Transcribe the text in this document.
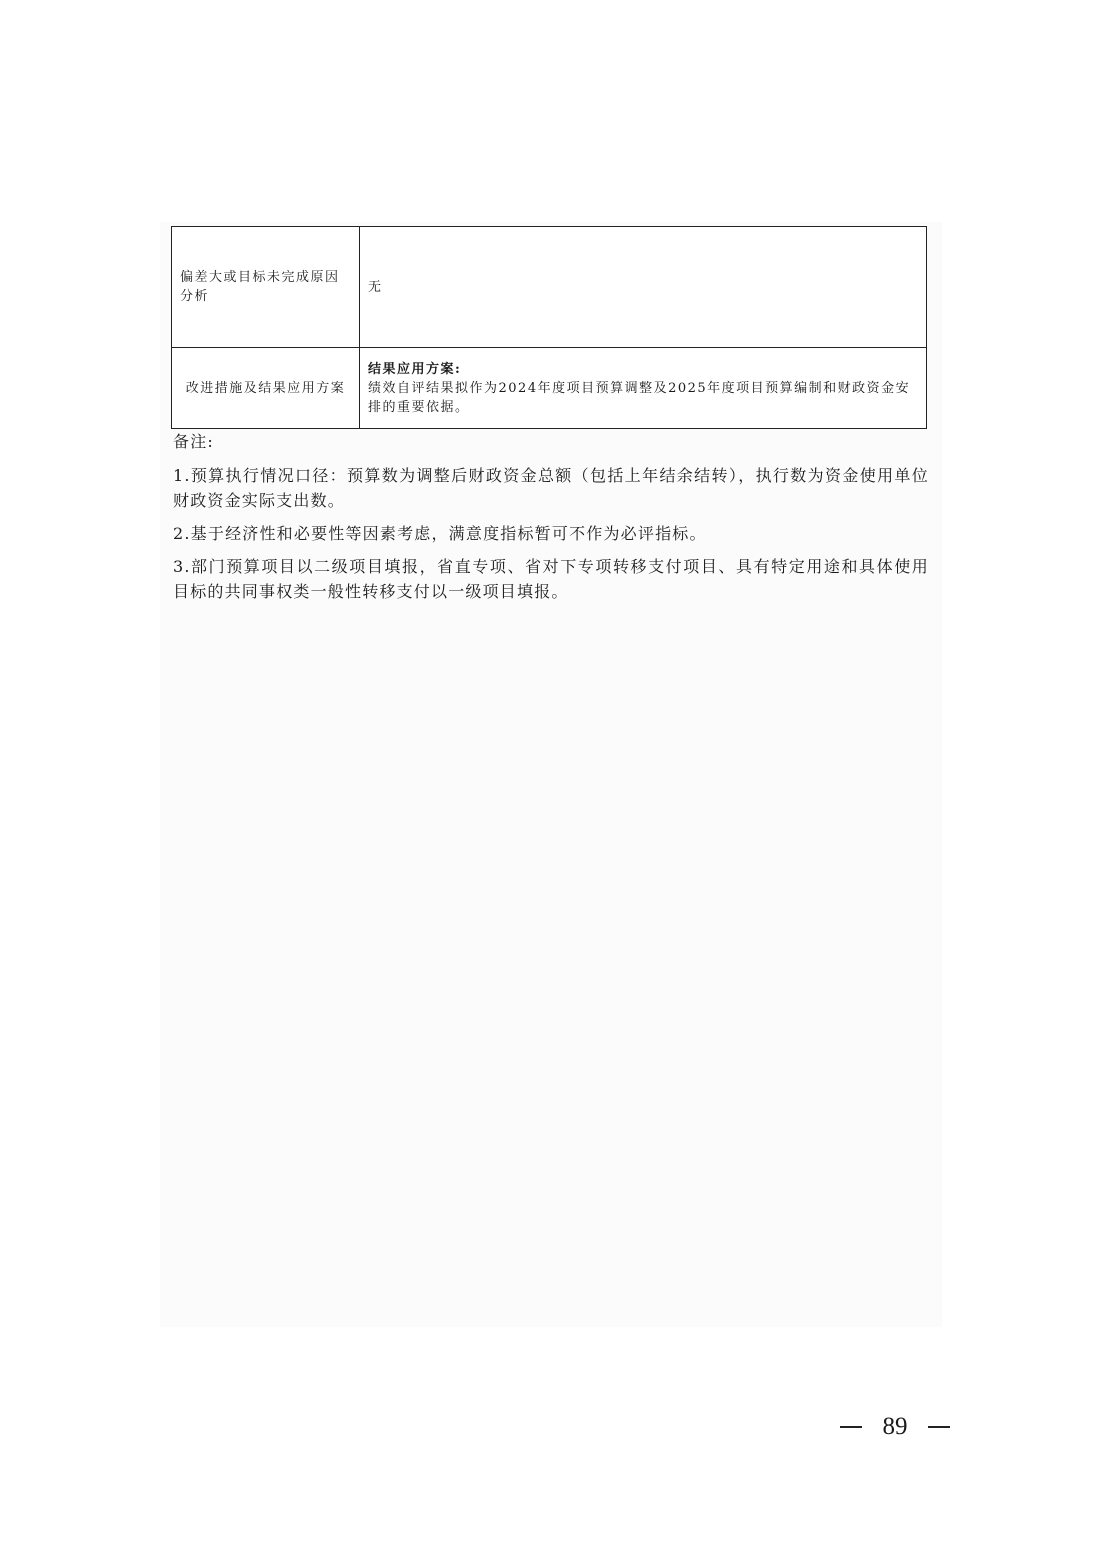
偏差大或目标未完成原因分析	无
改进措施及结果应用方案	结果应用方案:
绩效自评结果拟作为2024年度项目预算调整及2025年度项目预算编制和财政资金安排的重要依据。
备注:
1.预算执行情况口径：预算数为调整后财政资金总额（包括上年结余结转），执行数为资金使用单位财政资金实际支出数。
2.基于经济性和必要性等因素考虑，满意度指标暂可不作为必评指标。
3.部门预算项目以二级项目填报，省直专项、省对下专项转移支付项目、具有特定用途和具体使用目标的共同事权类一般性转移支付以一级项目填报。
89
